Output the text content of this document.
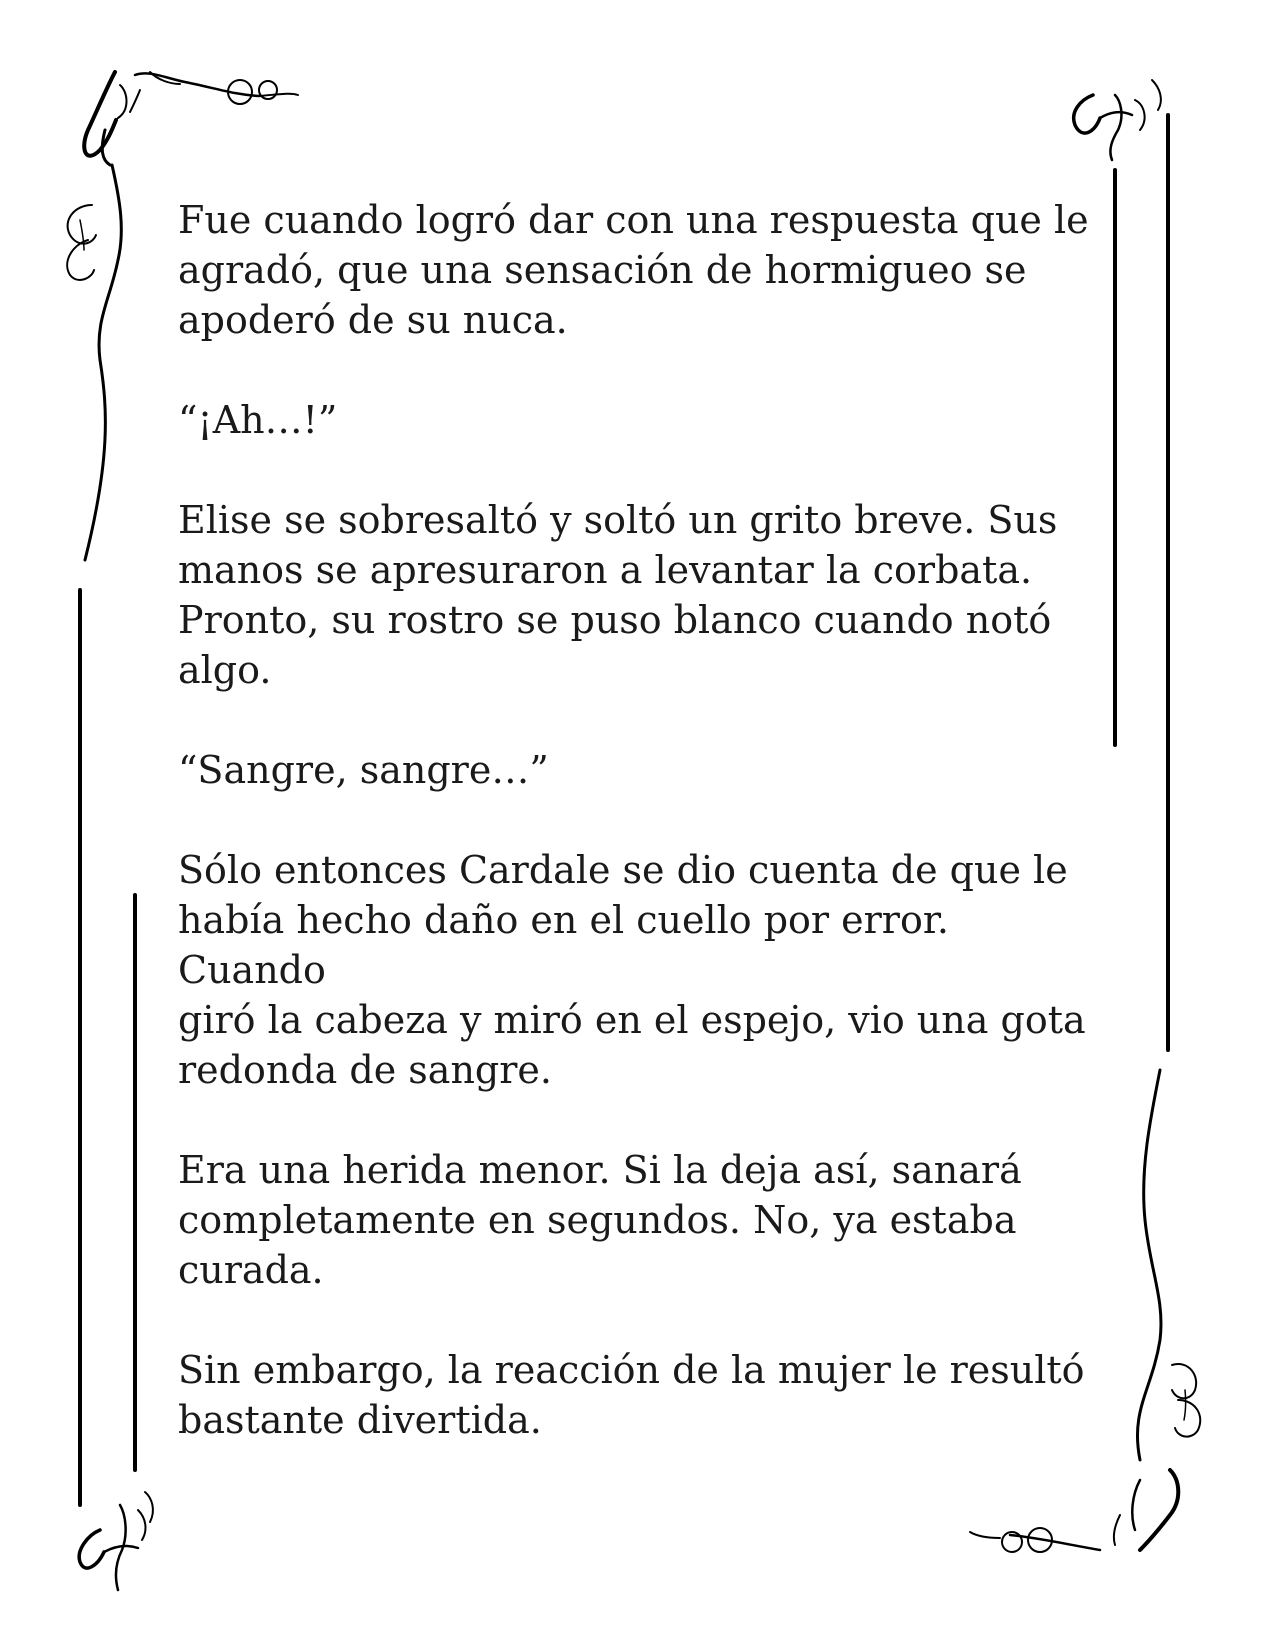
Fue cuando logró dar con una respuesta que le
agradó, que una sensación de hormigueo se
apoderó de su nuca.

“¡Ah…!”

Elise se sobresaltó y soltó un grito breve. Sus
manos se apresuraron a levantar la corbata.
Pronto, su rostro se puso blanco cuando notó
algo.

“Sangre, sangre…”

Sólo entonces Cardale se dio cuenta de que le
había hecho daño en el cuello por error. Cuando
giró la cabeza y miró en el espejo, vio una gota
redonda de sangre.

Era una herida menor. Si la deja así, sanará
completamente en segundos. No, ya estaba
curada.

Sin embargo, la reacción de la mujer le resultó
bastante divertida.
